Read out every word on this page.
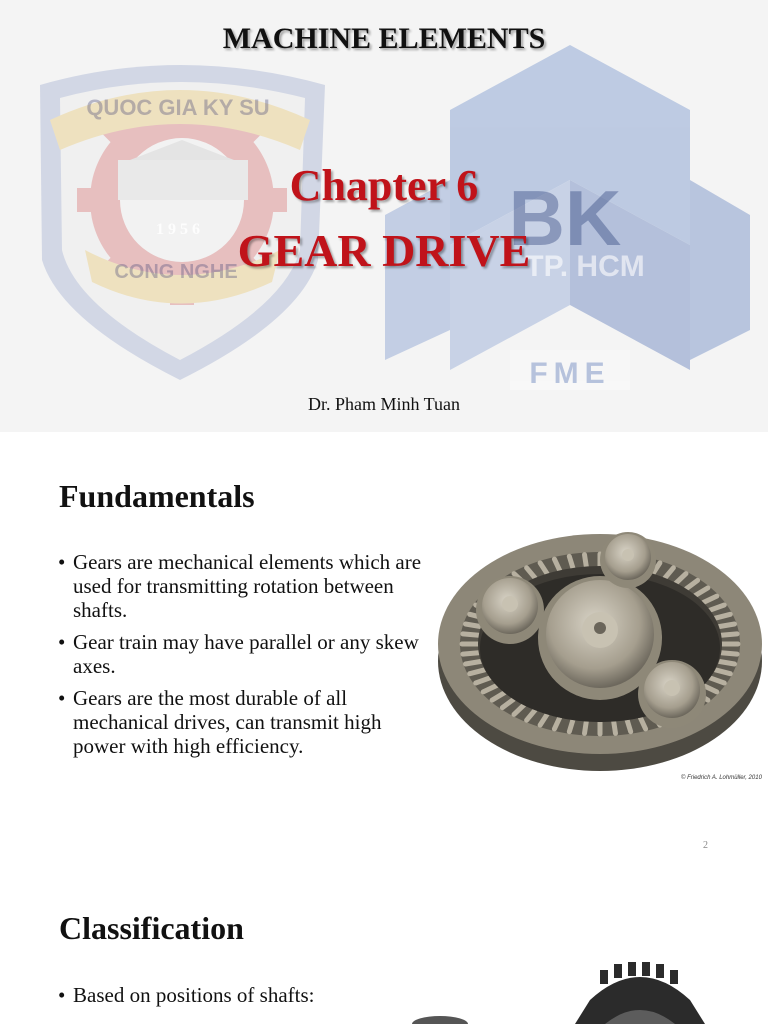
QUOC GIA KY SU
CONG NGHE
1956	BK
TP. HCM
FME
MACHINE ELEMENTS
Chapter 6
GEAR DRIVE
Dr. Pham Minh Tuan
Fundamentals
• Gears are mechanical elements which are used for transmitting rotation between shafts.
• Gear train may have parallel or any skew axes.
• Gears are the most durable of all mechanical drives, can transmit high power with high efficiency.
© Friedrich A. Lohmüller, 2010
2
Classification
• Based on positions of shafts:
